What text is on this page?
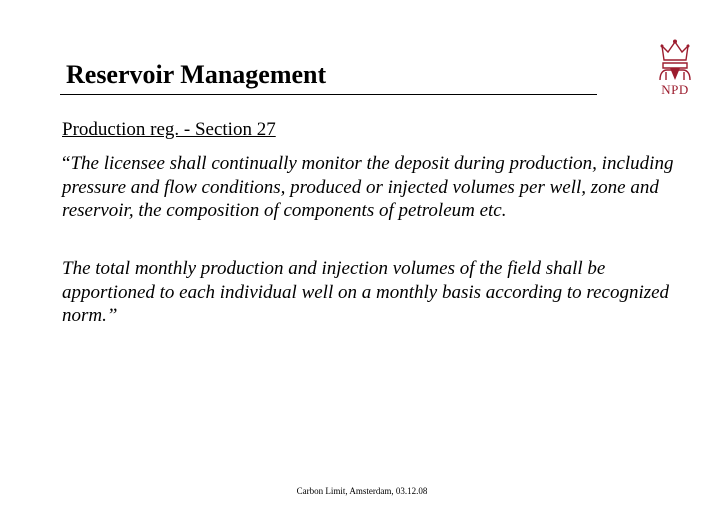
Reservoir Management
NPD
Production reg. - Section 27

“The licensee shall continually monitor the deposit during production, including pressure and flow conditions, produced or injected volumes per well, zone and reservoir, the composition of components of petroleum etc.

The total monthly production and injection volumes of the field shall be apportioned to each individual well on a monthly basis according to recognized norm.”

Carbon Limit, Amsterdam, 03.12.08
